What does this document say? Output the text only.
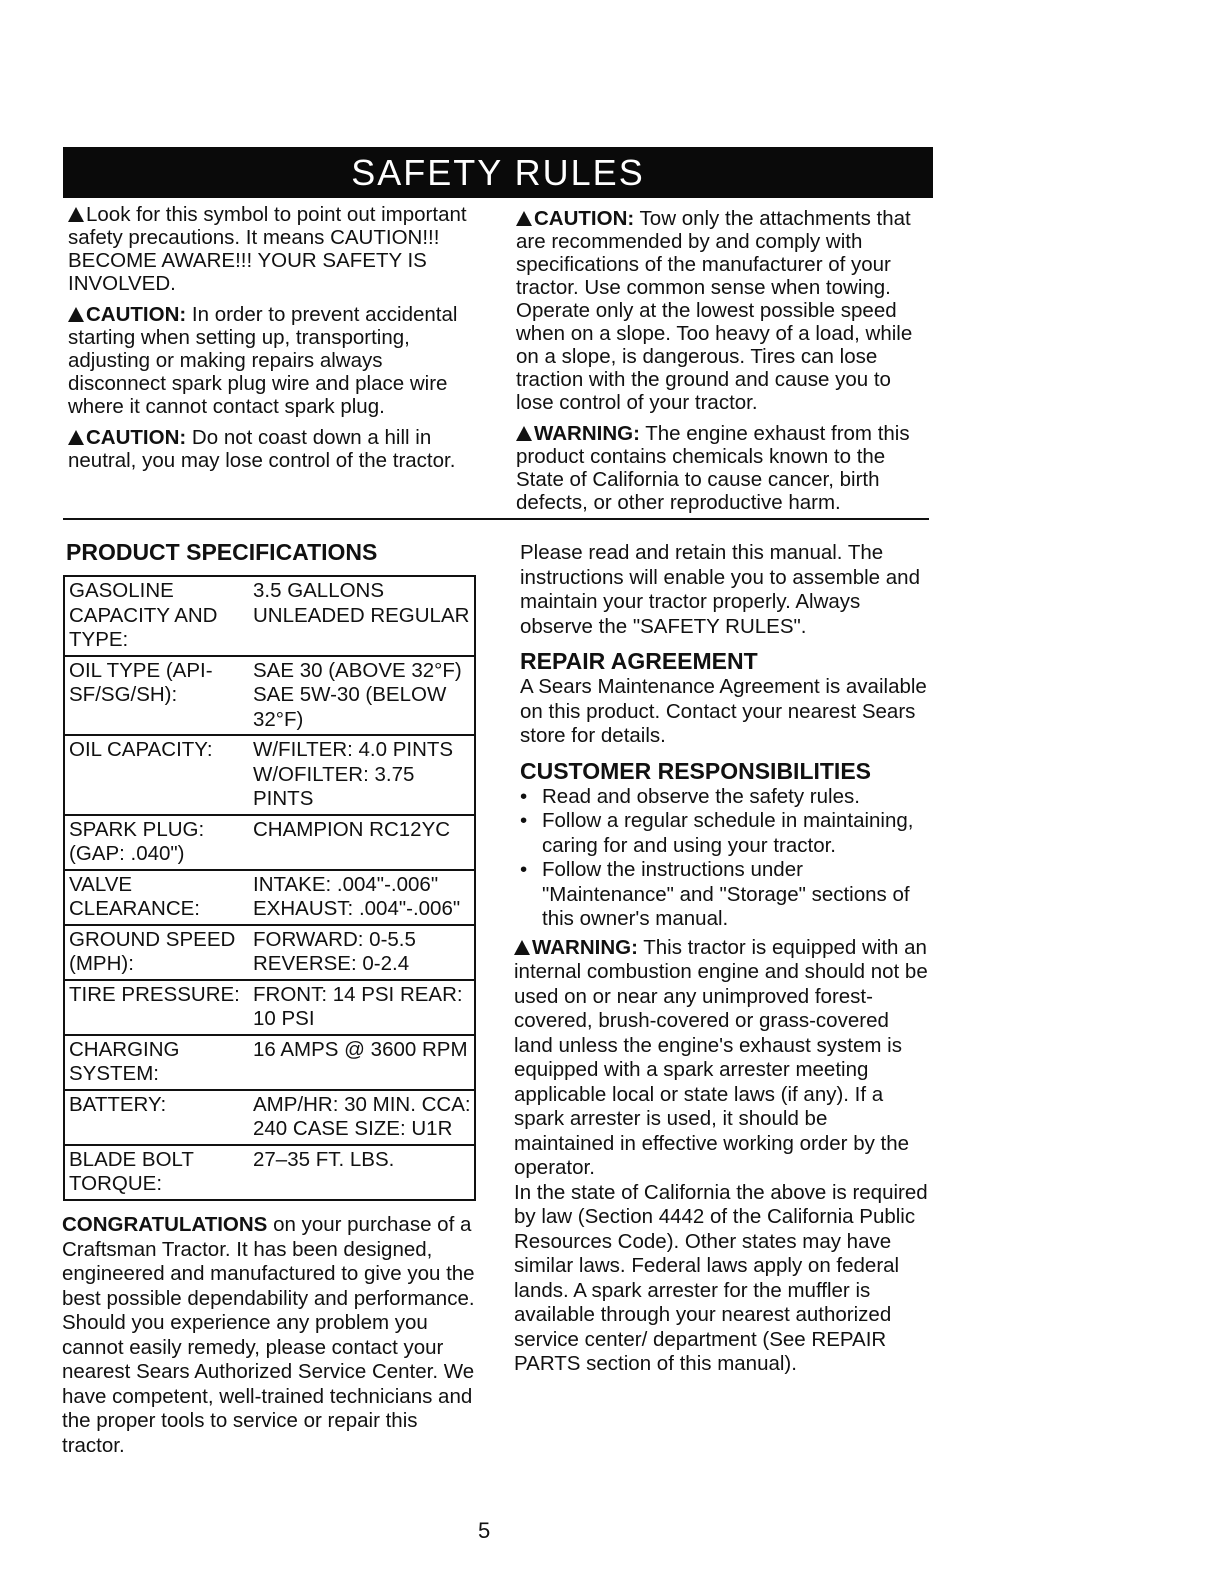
SAFETY RULES

Look for this symbol to point out important safety precautions. It means CAUTION!!! BECOME AWARE!!! YOUR SAFETY IS INVOLVED.

CAUTION: In order to prevent accidental starting when setting up, transporting, adjusting or making repairs always disconnect spark plug wire and place wire where it cannot contact spark plug.

CAUTION: Do not coast down a hill in neutral, you may lose control of the tractor.

CAUTION: Tow only the attachments that are recommended by and comply with specifications of the manufacturer of your tractor. Use common sense when towing. Operate only at the lowest possible speed when on a slope. Too heavy of a load, while on a slope, is dangerous. Tires can lose traction with the ground and cause you to lose control of your tractor.

WARNING: The engine exhaust from this product contains chemicals known to the State of California to cause cancer, birth defects, or other reproductive harm.

PRODUCT SPECIFICATIONS
GASOLINE CAPACITY AND TYPE:	3.5 GALLONS UNLEADED REGULAR
OIL TYPE (API-SF/SG/SH):	SAE 30 (ABOVE 32°F) SAE 5W-30 (BELOW 32°F)
OIL CAPACITY:	W/FILTER: 4.0 PINTS W/OFILTER: 3.75 PINTS
SPARK PLUG: (GAP: .040")	CHAMPION RC12YC
VALVE CLEARANCE:	INTAKE: .004"-.006" EXHAUST: .004"-.006"
GROUND SPEED (MPH):	FORWARD: 0-5.5 REVERSE: 0-2.4
TIRE PRESSURE:	FRONT: 14 PSI REAR: 10 PSI
CHARGING SYSTEM:	16 AMPS @ 3600 RPM
BATTERY:	AMP/HR: 30 MIN. CCA: 240 CASE SIZE: U1R
BLADE BOLT TORQUE:	27–35 FT. LBS.

CONGRATULATIONS on your purchase of a Craftsman Tractor. It has been designed, engineered and manufactured to give you the best possible dependability and performance.

Should you experience any problem you cannot easily remedy, please contact your nearest Sears Authorized Service Center. We have competent, well-trained technicians and the proper tools to service or repair this tractor.

Please read and retain this manual. The instructions will enable you to assemble and maintain your tractor properly. Always observe the "SAFETY RULES".

REPAIR AGREEMENT

A Sears Maintenance Agreement is available on this product. Contact your nearest Sears store for details.

CUSTOMER RESPONSIBILITIES
• Read and observe the safety rules.
• Follow a regular schedule in maintaining, caring for and using your tractor.
• Follow the instructions under "Maintenance" and "Storage" sections of this owner's manual.

WARNING: This tractor is equipped with an internal combustion engine and should not be used on or near any unimproved forest-covered, brush-covered or grass-covered land unless the engine's exhaust system is equipped with a spark arrester meeting applicable local or state laws (if any). If a spark arrester is used, it should be maintained in effective working order by the operator.

In the state of California the above is required by law (Section 4442 of the California Public Resources Code). Other states may have similar laws. Federal laws apply on federal lands. A spark arrester for the muffler is available through your nearest authorized service center/ department (See REPAIR PARTS section of this manual).

5
